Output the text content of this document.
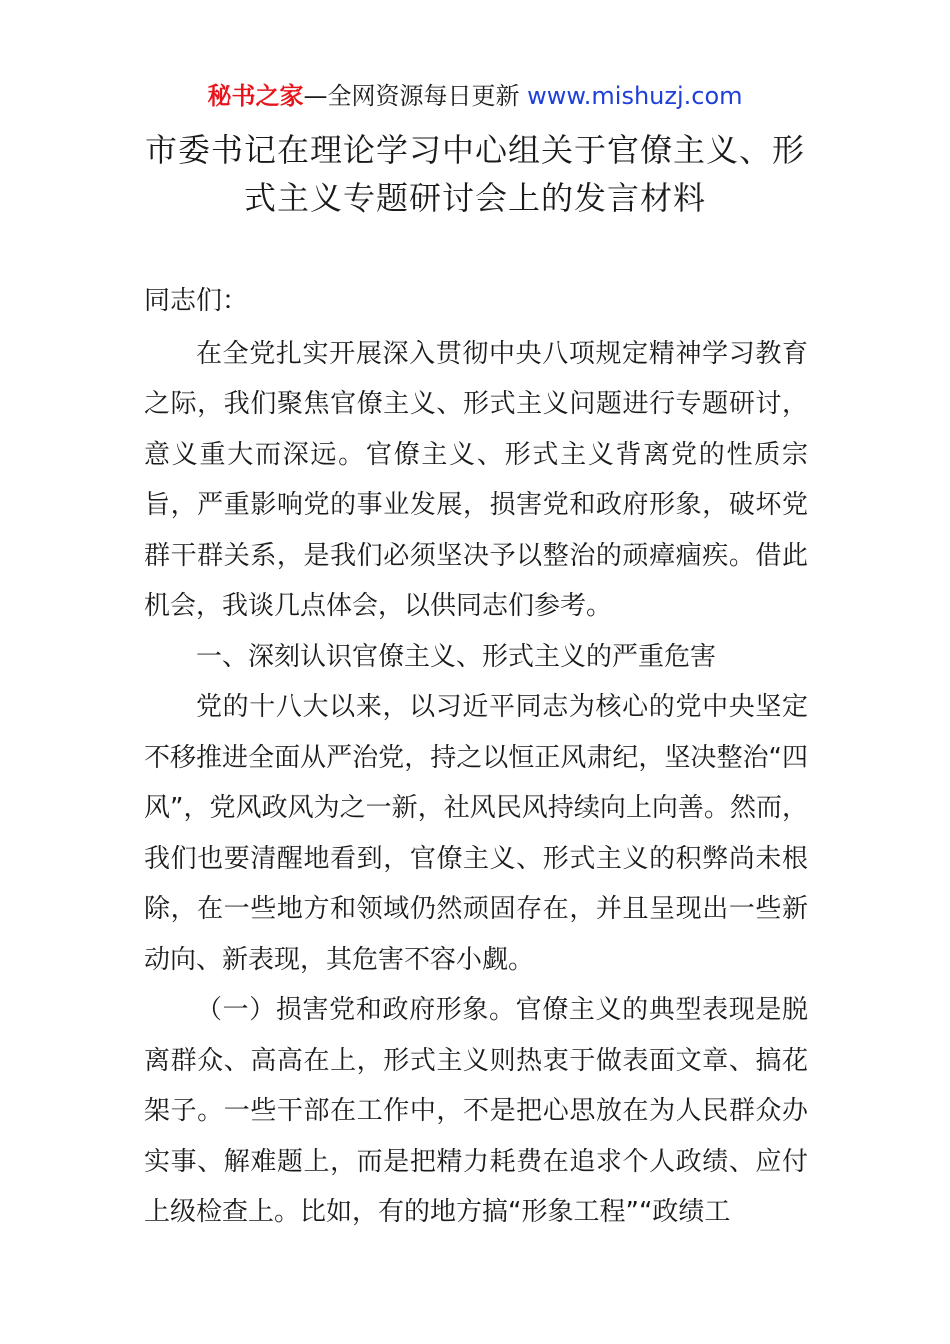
秘书之家—全网资源每日更新 www.mishuzj.com
市委书记在理论学习中心组关于官僚主义、形式主义专题研讨会上的发言材料

同志们：

在全党扎实开展深入贯彻中央八项规定精神学习教育之际，我们聚焦官僚主义、形式主义问题进行专题研讨，意义重大而深远。官僚主义、形式主义背离党的性质宗旨，严重影响党的事业发展，损害党和政府形象，破坏党群干群关系，是我们必须坚决予以整治的顽瘴痼疾。借此机会，我谈几点体会，以供同志们参考。

一、深刻认识官僚主义、形式主义的严重危害

党的十八大以来，以习近平同志为核心的党中央坚定不移推进全面从严治党，持之以恒正风肃纪，坚决整治“四风”，党风政风为之一新，社风民风持续向上向善。然而，我们也要清醒地看到，官僚主义、形式主义的积弊尚未根除，在一些地方和领域仍然顽固存在，并且呈现出一些新动向、新表现，其危害不容小觑。

（一）损害党和政府形象。官僚主义的典型表现是脱离群众、高高在上，形式主义则热衷于做表面文章、搞花架子。一些干部在工作中，不是把心思放在为人民群众办实事、解难题上，而是把精力耗费在追求个人政绩、应付上级检查上。比如，有的地方搞“形象工程”“政绩工
